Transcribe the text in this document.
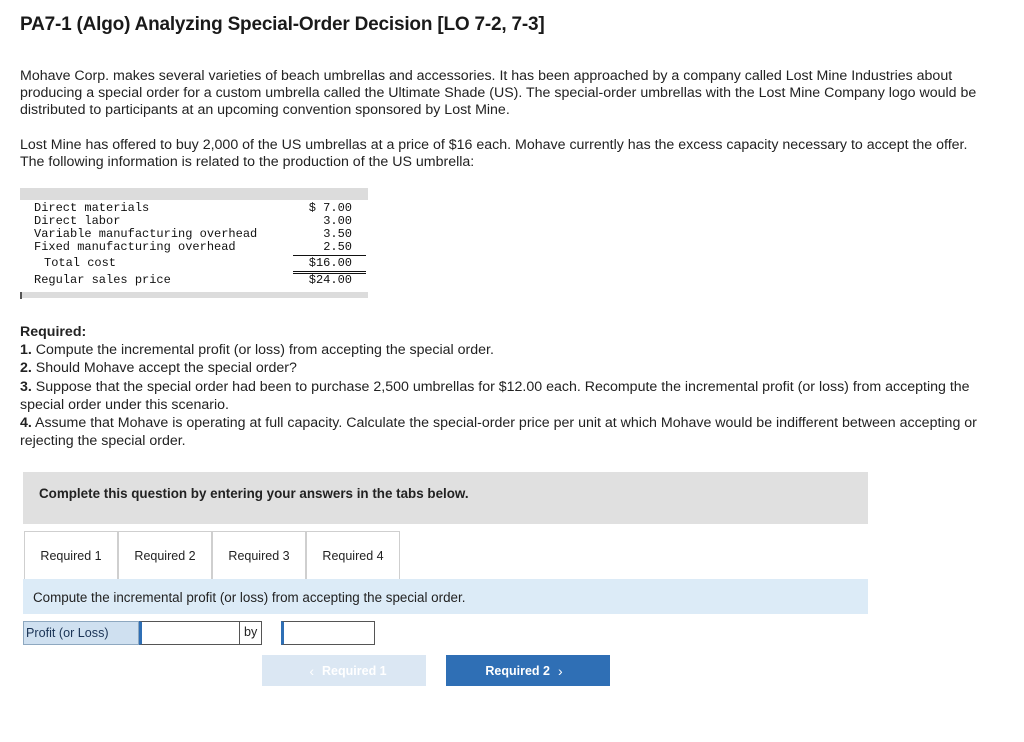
PA7-1 (Algo) Analyzing Special-Order Decision [LO 7-2, 7-3]
Mohave Corp. makes several varieties of beach umbrellas and accessories. It has been approached by a company called Lost Mine Industries about producing a special order for a custom umbrella called the Ultimate Shade (US). The special-order umbrellas with the Lost Mine Company logo would be distributed to participants at an upcoming convention sponsored by Lost Mine.
Lost Mine has offered to buy 2,000 of the US umbrellas at a price of $16 each. Mohave currently has the excess capacity necessary to accept the offer. The following information is related to the production of the US umbrella:
Direct materials	$ 7.00
Direct labor	3.00
Variable manufacturing overhead	3.50
Fixed manufacturing overhead	2.50
Total cost	$16.00
Regular sales price	$24.00
Required:
1. Compute the incremental profit (or loss) from accepting the special order.
2. Should Mohave accept the special order?
3. Suppose that the special order had been to purchase 2,500 umbrellas for $12.00 each. Recompute the incremental profit (or loss) from accepting the special order under this scenario.
4. Assume that Mohave is operating at full capacity. Calculate the special-order price per unit at which Mohave would be indifferent between accepting or rejecting the special order.
Complete this question by entering your answers in the tabs below.
Required 1	Required 2	Required 3	Required 4
Compute the incremental profit (or loss) from accepting the special order.
Profit (or Loss)	by
‹ Required 1	Required 2 ›
